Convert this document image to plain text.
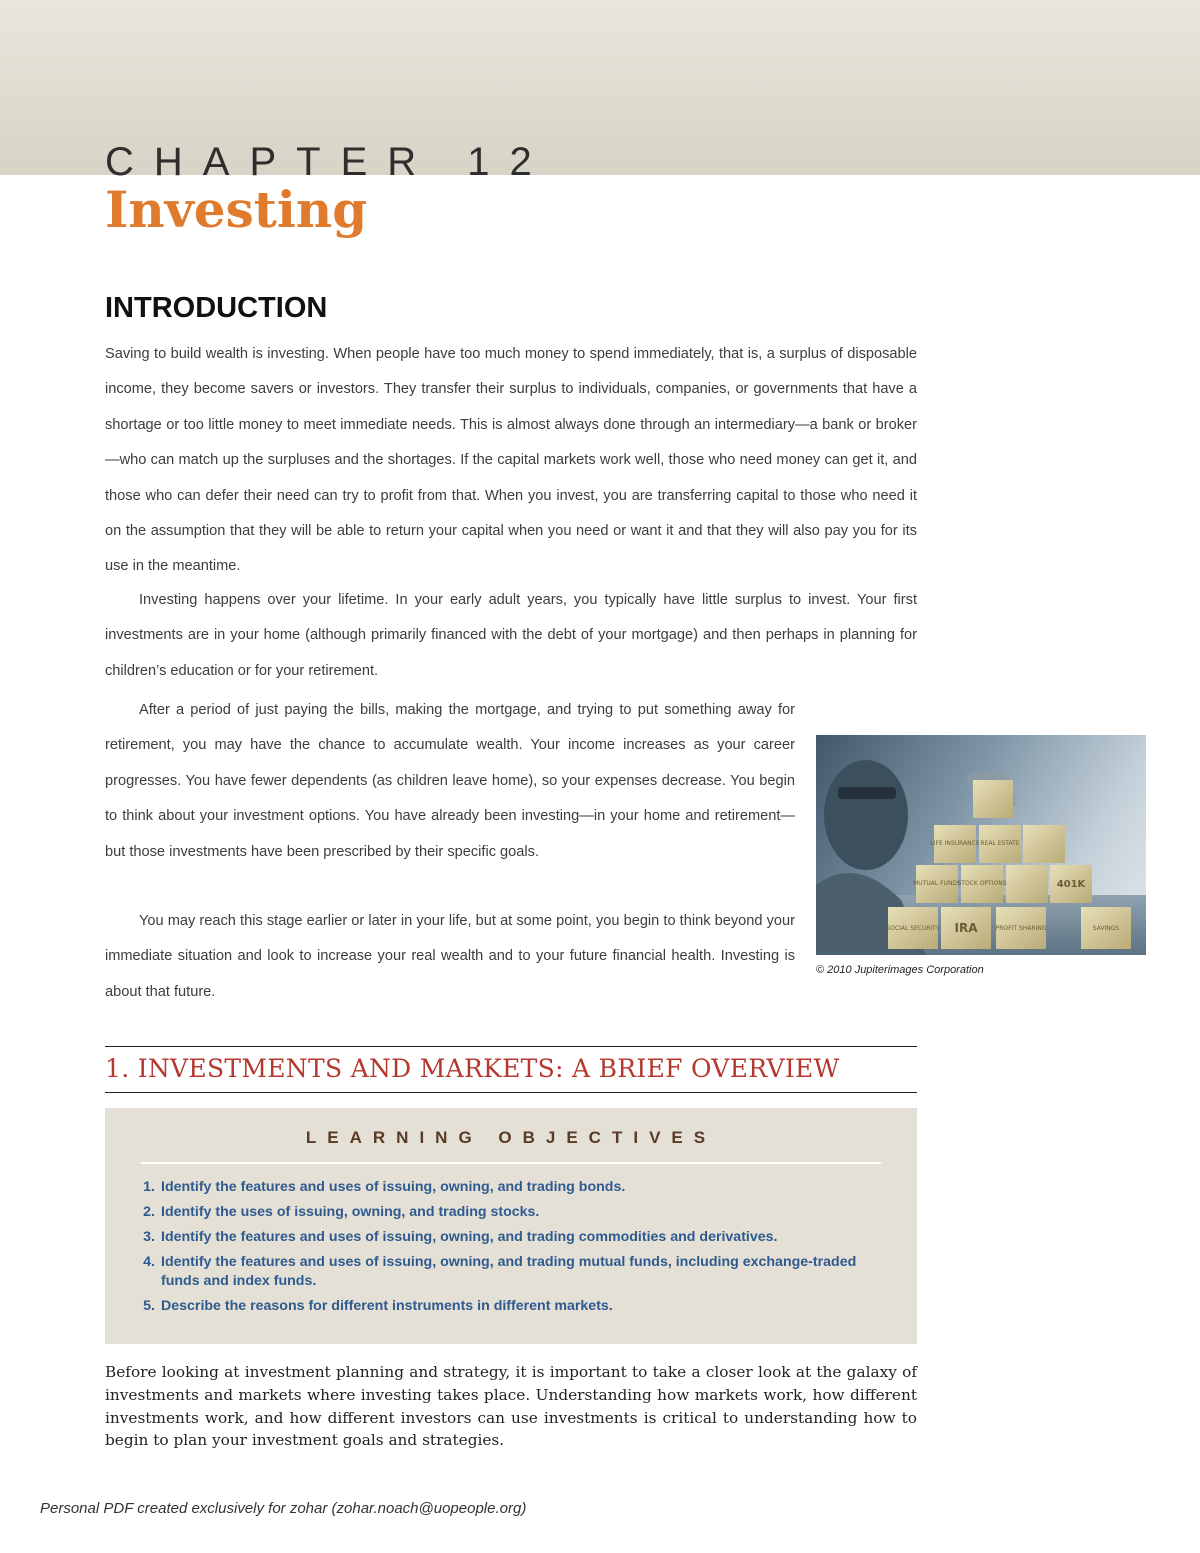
CHAPTER 12
Investing
INTRODUCTION

Saving to build wealth is investing. When people have too much money to spend immediately, that is, a surplus of disposable income, they become savers or investors. They transfer their surplus to individuals, companies, or governments that have a shortage or too little money to meet immediate needs. This is almost always done through an intermediary—a bank or broker—who can match up the surpluses and the shortages. If the capital markets work well, those who need money can get it, and those who can defer their need can try to profit from that. When you invest, you are transferring capital to those who need it on the assumption that they will be able to return your capital when you need or want it and that they will also pay you for its use in the meantime.

Investing happens over your lifetime. In your early adult years, you typically have little surplus to invest. Your first investments are in your home (although primarily financed with the debt of your mortgage) and then perhaps in planning for children’s education or for your retirement.

After a period of just paying the bills, making the mortgage, and trying to put something away for retirement, you may have the chance to accumulate wealth. Your income increases as your career progresses. You have fewer dependents (as children leave home), so your expenses decrease. You begin to think about your investment options. You have already been investing—in your home and retirement—but those investments have been prescribed by their specific goals.

You may reach this stage earlier or later in your life, but at some point, you begin to think beyond your immediate situation and look to increase your real wealth and to your future financial health. Investing is about that future.

LIFE INSURANCE REAL ESTATE
MUTUAL FUNDS
STOCK OPTIONS	401K
SOCIAL SECURITY IRA	PROFIT SHARING	SAVINGS
© 2010 Jupiterimages Corporation
1. INVESTMENTS AND MARKETS: A BRIEF OVERVIEW
LEARNING OBJECTIVES
1. Identify the features and uses of issuing, owning, and trading bonds.
2. Identify the uses of issuing, owning, and trading stocks.
3. Identify the features and uses of issuing, owning, and trading commodities and derivatives.
4. Identify the features and uses of issuing, owning, and trading mutual funds, including exchange-traded funds and index funds.
5. Describe the reasons for different instruments in different markets.

Before looking at investment planning and strategy, it is important to take a closer look at the galaxy of investments and markets where investing takes place. Understanding how markets work, how different investments work, and how different investors can use investments is critical to understanding how to begin to plan your investment goals and strategies.

Personal PDF created exclusively for zohar (zohar.noach@uopeople.org)
